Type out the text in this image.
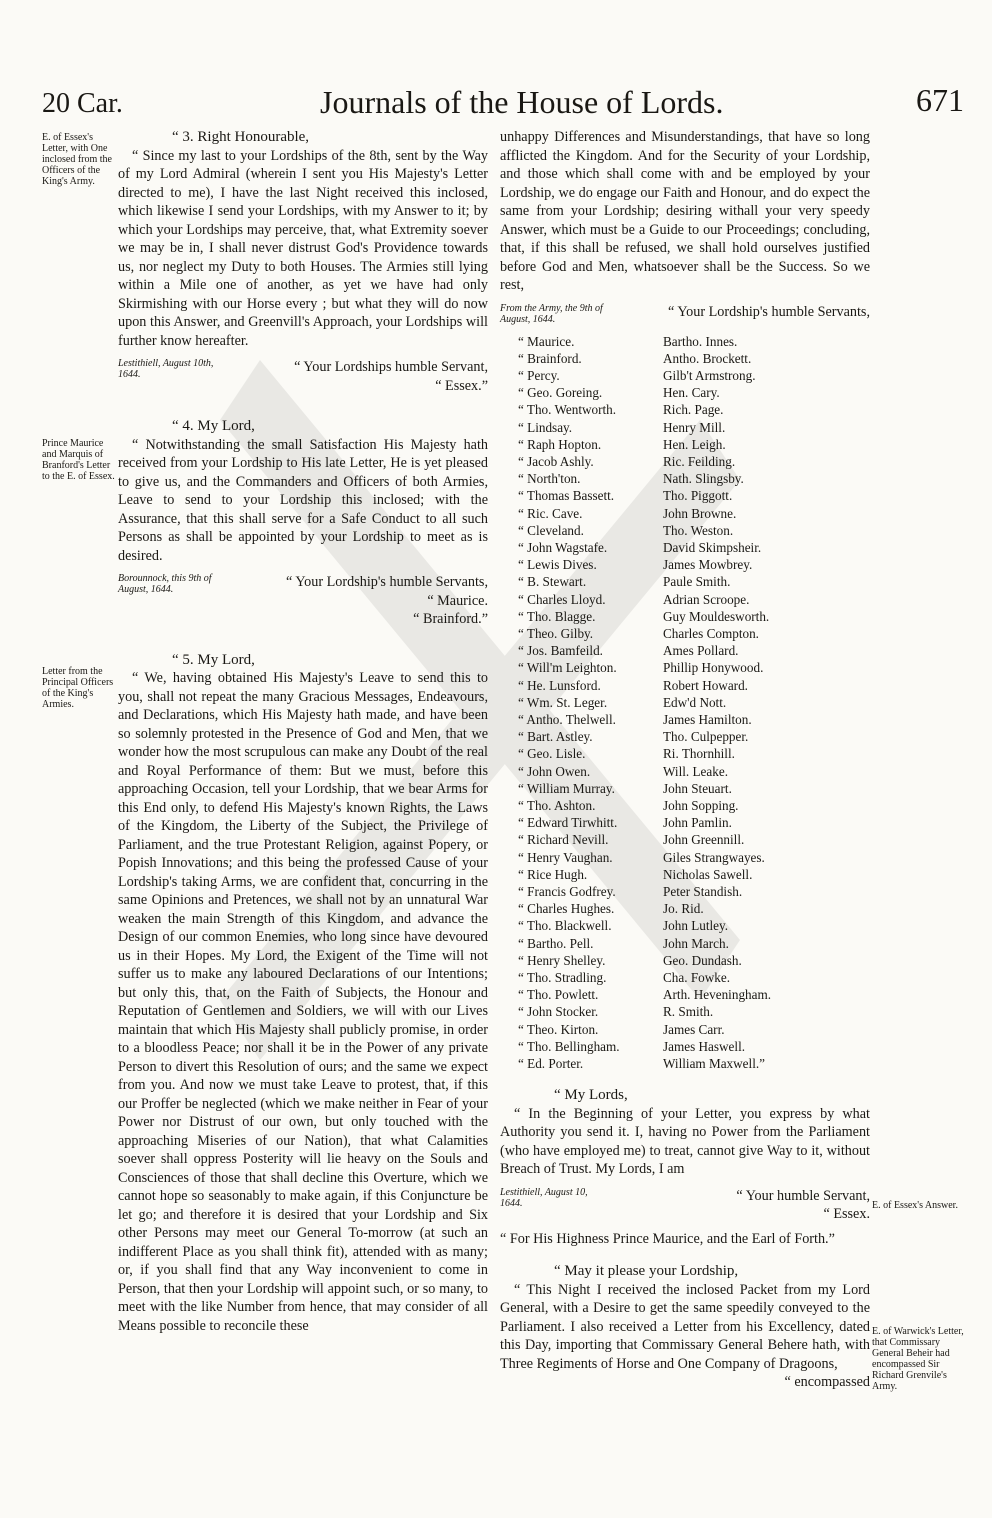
20 Car.	Journals of the House of Lords.	671
E. of Essex's Letter, with One inclosed from the Officers of the King's Army.
Prince Maurice and Marquis of Branford's Letter to the E. of Essex.
Letter from the Principal Officers of the King's Armies.
E. of Essex's Answer.
E. of Warwick's Letter, that Commissary General Beheir had encompassed Sir Richard Grenvile's Army.

“ 3. Right Honourable,

“ Since my last to your Lordships of the 8th, sent by the Way of my Lord Admiral (wherein I sent you His Majesty's Letter directed to me), I have the last Night received this inclosed, which likewise I send your Lordships, with my Answer to it; by which your Lordships may perceive, that, what Extremity soever we may be in, I shall never distrust God's Providence towards us, nor neglect my Duty to both Houses. The Armies still lying within a Mile one of another, as yet we have had only Skirmishing with our Horse every ; but what they will do now upon this Answer, and Greenvill's Approach, your Lordships will further know hereafter.

Lestithiell, August 10th, 1644.	“ Your Lordships humble Servant,
“ Essex.”

“ 4. My Lord,

“ Notwithstanding the small Satisfaction His Majesty hath received from your Lordship to His late Letter, He is yet pleased to give us, and the Commanders and Officers of both Armies, Leave to send to your Lordship this inclosed; with the Assurance, that this shall serve for a Safe Conduct to all such Persons as shall be appointed by your Lordship to meet as is desired.

Borounnock, this 9th of August, 1644.	“ Your Lordship's humble Servants,
“ Maurice.
“ Brainford.”

“ 5. My Lord,

“ We, having obtained His Majesty's Leave to send this to you, shall not repeat the many Gracious Messages, Endeavours, and Declarations, which His Majesty hath made, and have been so solemnly protested in the Presence of God and Men, that we wonder how the most scrupulous can make any Doubt of the real and Royal Performance of them: But we must, before this approaching Occasion, tell your Lordship, that we bear Arms for this End only, to defend His Majesty's known Rights, the Laws of the Kingdom, the Liberty of the Subject, the Privilege of Parliament, and the true Protestant Religion, against Popery, or Popish Innovations; and this being the professed Cause of your Lordship's taking Arms, we are confident that, concurring in the same Opinions and Pretences, we shall not by an unnatural War weaken the main Strength of this Kingdom, and advance the Design of our common Enemies, who long since have devoured us in their Hopes. My Lord, the Exigent of the Time will not suffer us to make any laboured Declarations of our Intentions; but only this, that, on the Faith of Subjects, the Honour and Reputation of Gentlemen and Soldiers, we will with our Lives maintain that which His Majesty shall publicly promise, in order to a bloodless Peace; nor shall it be in the Power of any private Person to divert this Resolution of ours; and the same we expect from you. And now we must take Leave to protest, that, if this our Proffer be neglected (which we make neither in Fear of your Power nor Distrust of our own, but only touched with the approaching Miseries of our Nation), that what Calamities soever shall oppress Posterity will lie heavy on the Souls and Consciences of those that shall decline this Overture, which we cannot hope so seasonably to make again, if this Conjuncture be let go; and therefore it is desired that your Lordship and Six other Persons may meet our General To-morrow (at such an indifferent Place as you shall think fit), attended with as many; or, if you shall find that any Way inconvenient to come in Person, that then your Lordship will appoint such, or so many, to meet with the like Number from hence, that may consider of all Means possible to reconcile these

unhappy Differences and Misunderstandings, that have so long afflicted the Kingdom. And for the Security of your Lordship, and those which shall come with and be employed by your Lordship, we do engage our Faith and Honour, and do expect the same from your Lordship; desiring withall your very speedy Answer, which must be a Guide to our Proceedings; concluding, that, if this shall be refused, we shall hold ourselves justified before God and Men, whatsoever shall be the Success. So we rest,

From the Army, the 9th of August, 1644.	“ Your Lordship's humble Servants,
“ Maurice.	Bartho. Innes.
“ Brainford.	Antho. Brockett.
“ Percy.	Gilb't Armstrong.
“ Geo. Goreing.	Hen. Cary.
“ Tho. Wentworth.	Rich. Page.
“ Lindsay.	Henry Mill.
“ Raph Hopton.	Hen. Leigh.
“ Jacob Ashly.	Ric. Feilding.
“ North'ton.	Nath. Slingsby.
“ Thomas Bassett.	Tho. Piggott.
“ Ric. Cave.	John Browne.
“ Cleveland.	Tho. Weston.
“ John Wagstafe.	David Skimpsheir.
“ Lewis Dives.	James Mowbrey.
“ B. Stewart.	Paule Smith.
“ Charles Lloyd.	Adrian Scroope.
“ Tho. Blagge.	Guy Mouldesworth.
“ Theo. Gilby.	Charles Compton.
“ Jos. Bamfeild.	Ames Pollard.
“ Will'm Leighton.	Phillip Honywood.
“ He. Lunsford.	Robert Howard.
“ Wm. St. Leger.	Edw'd Nott.
“ Antho. Thelwell.	James Hamilton.
“ Bart. Astley.	Tho. Culpepper.
“ Geo. Lisle.	Ri. Thornhill.
“ John Owen.	Will. Leake.
“ William Murray.	John Steuart.
“ Tho. Ashton.	John Sopping.
“ Edward Tirwhitt.	John Pamlin.
“ Richard Nevill.	John Greennill.
“ Henry Vaughan.	Giles Strangwayes.
“ Rice Hugh.	Nicholas Sawell.
“ Francis Godfrey.	Peter Standish.
“ Charles Hughes.	Jo. Rid.
“ Tho. Blackwell.	John Lutley.
“ Bartho. Pell.	John March.
“ Henry Shelley.	Geo. Dundash.
“ Tho. Stradling.	Cha. Fowke.
“ Tho. Powlett.	Arth. Heveningham.
“ John Stocker.	R. Smith.
“ Theo. Kirton.	James Carr.
“ Tho. Bellingham.	James Haswell.
“ Ed. Porter.	William Maxwell.”

“ My Lords,

“ In the Beginning of your Letter, you express by what Authority you send it. I, having no Power from the Parliament (who have employed me) to treat, cannot give Way to it, without Breach of Trust. My Lords, I am

Lestithiell, August 10, 1644.	“ Your humble Servant,
“ Essex.

“ For His Highness Prince Maurice, and the Earl of Forth.”

“ May it please your Lordship,

“ This Night I received the inclosed Packet from my Lord General, with a Desire to get the same speedily conveyed to the Parliament. I also received a Letter from his Excellency, dated this Day, importing that Commissary General Behere hath, with Three Regiments of Horse and One Company of Dragoons,

“ encompassed
